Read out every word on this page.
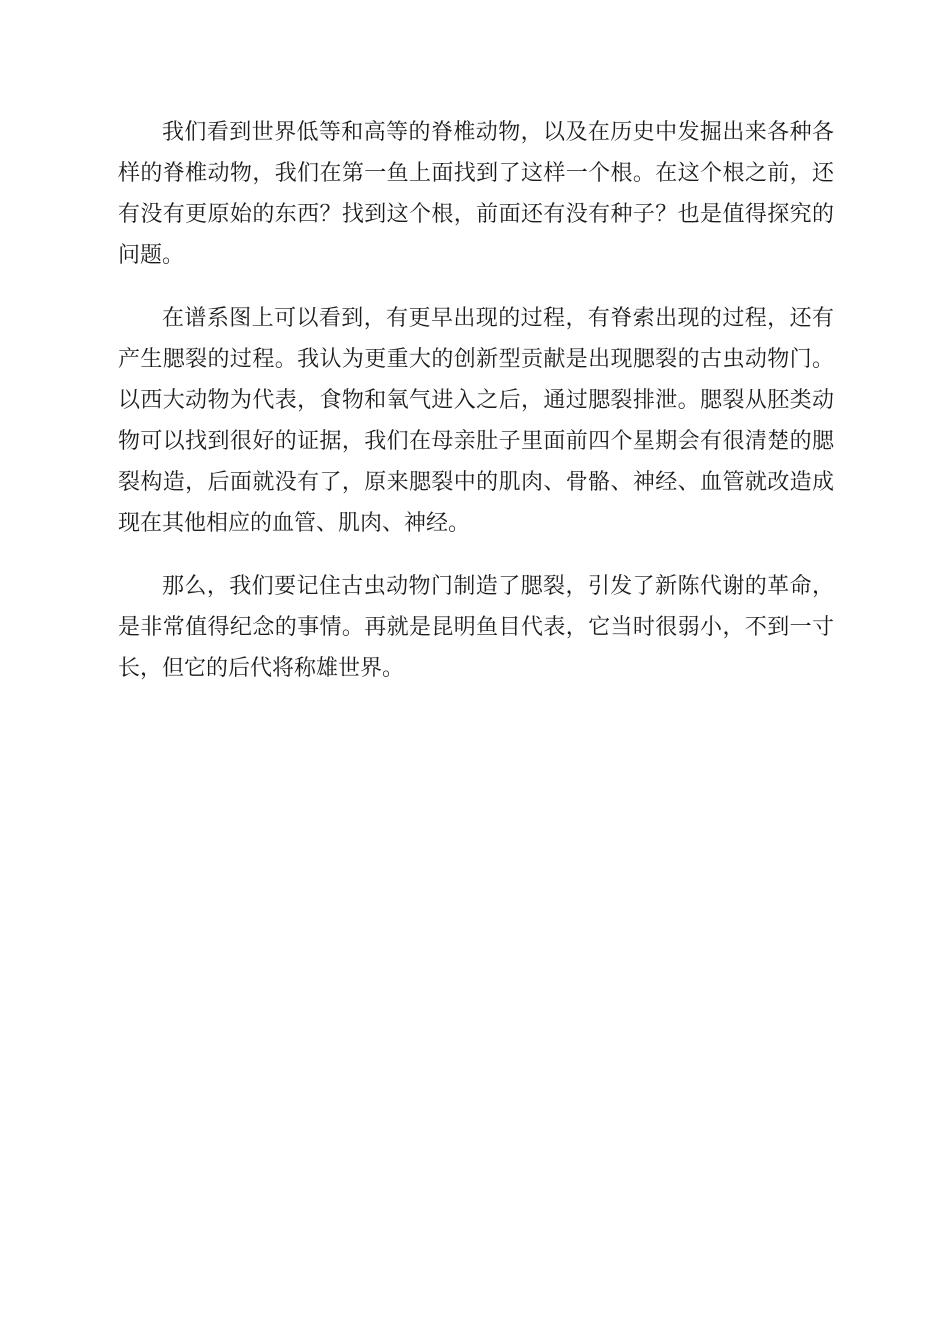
我们看到世界低等和高等的脊椎动物，以及在历史中发掘出来各种各样的脊椎动物，我们在第一鱼上面找到了这样一个根。在这个根之前，还有没有更原始的东西？找到这个根，前面还有没有种子？也是值得探究的问题。

在谱系图上可以看到，有更早出现的过程，有脊索出现的过程，还有产生腮裂的过程。我认为更重大的创新型贡献是出现腮裂的古虫动物门。以西大动物为代表，食物和氧气进入之后，通过腮裂排泄。腮裂从胚类动物可以找到很好的证据，我们在母亲肚子里面前四个星期会有很清楚的腮裂构造，后面就没有了，原来腮裂中的肌肉、骨骼、神经、血管就改造成现在其他相应的血管、肌肉、神经。

那么，我们要记住古虫动物门制造了腮裂，引发了新陈代谢的革命，是非常值得纪念的事情。再就是昆明鱼目代表，它当时很弱小，不到一寸长，但它的后代将称雄世界。
